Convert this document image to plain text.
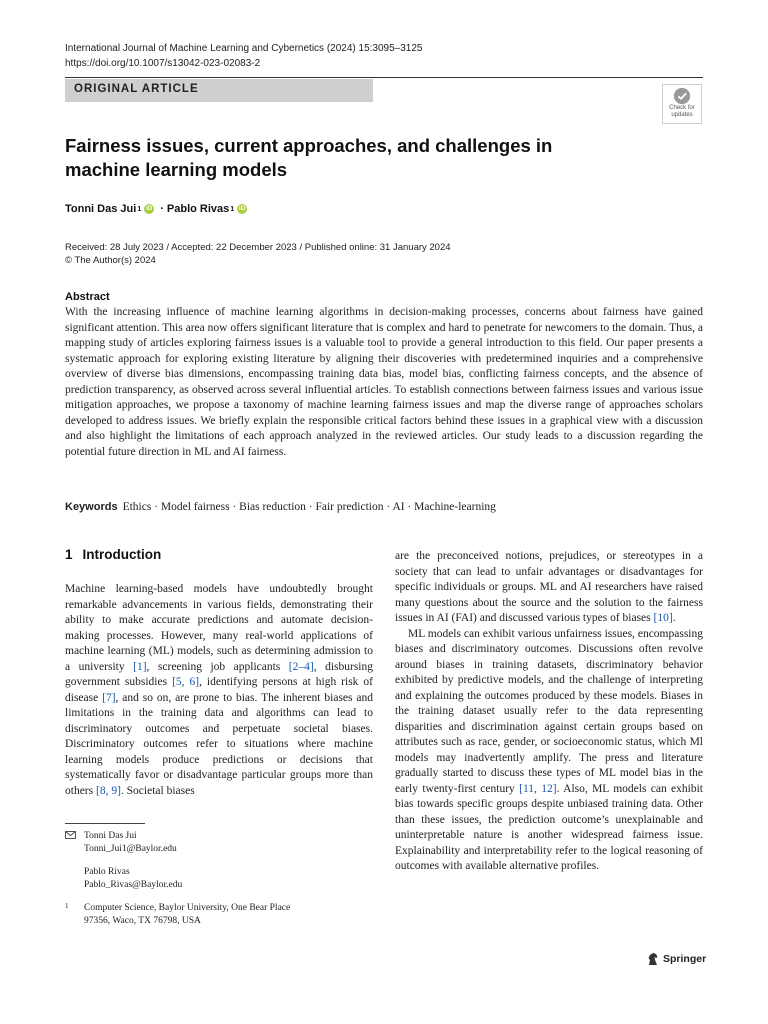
International Journal of Machine Learning and Cybernetics (2024) 15:3095–3125
https://doi.org/10.1007/s13042-023-02083-2
ORIGINAL ARTICLE
Check for
updates
Fairness issues, current approaches, and challenges in machine learning models
Tonni Das Jui 1 iD · Pablo Rivas 1 iD
Received: 28 July 2023 / Accepted: 22 December 2023 / Published online: 31 January 2024
© The Author(s) 2024
Abstract

With the increasing influence of machine learning algorithms in decision-making processes, concerns about fairness have gained significant attention. This area now offers significant literature that is complex and hard to penetrate for newcomers to the domain. Thus, a mapping study of articles exploring fairness issues is a valuable tool to provide a general introduction to this field. Our paper presents a systematic approach for exploring existing literature by aligning their discoveries with predetermined inquiries and a comprehensive overview of diverse bias dimensions, encompassing training data bias, model bias, conflicting fairness concepts, and the absence of prediction transparency, as observed across several influential articles. To establish connections between fairness issues and various issue mitigation approaches, we propose a taxonomy of machine learning fairness issues and map the diverse range of approaches scholars developed to address issues. We briefly explain the responsible critical factors behind these issues in a graphical view with a discussion and also highlight the limitations of each approach analyzed in the reviewed articles. Our study leads to a discussion regarding the potential future direction in ML and AI fairness.

Keywords Ethics · Model fairness · Bias reduction · Fair prediction · AI · Machine-learning
1 Introduction

Machine learning-based models have undoubtedly brought remarkable advancements in various fields, demonstrating their ability to make accurate predictions and automate decision-making processes. However, many real-world applications of machine learning (ML) models, such as determining admission to a university [1], screening job applicants [2–4], disbursing government subsidies [5, 6], identifying persons at high risk of disease [7], and so on, are prone to bias. The inherent biases and limitations in the training data and algorithms can lead to discriminatory outcomes and perpetuate societal biases. Discriminatory outcomes refer to situations where machine learning models produce predictions or decisions that systematically favor or disadvantage particular groups more than others [8, 9]. Societal biases

are the preconceived notions, prejudices, or stereotypes in a society that can lead to unfair advantages or disadvantages for specific individuals or groups. ML and AI researchers have raised many questions about the source and the solution to the fairness issues in AI (FAI) and discussed various types of biases [10].

ML models can exhibit various unfairness issues, encompassing biases and discriminatory outcomes. Discussions often revolve around biases in training datasets, discriminatory behavior exhibited by predictive models, and the challenge of interpreting and explaining the outcomes produced by these models. Biases in the training dataset usually refer to the data representing disparities and discrimination against certain groups based on attributes such as race, gender, or socioeconomic status, which Ml models may inadvertently amplify. The press and literature gradually started to discuss these types of ML model bias in the early twenty-first century [11, 12]. Also, ML models can exhibit bias towards specific groups despite unbiased training data. Other than these issues, the prediction outcome’s unexplainable and uninterpretable nature is another widespread fairness issue. Explainability and interpretability refer to the logical reasoning of outcomes with available alternative profiles.

Tonni Das Jui
Tonni_Jui1@Baylor.edu
Pablo Rivas
Pablo_Rivas@Baylor.edu
1	Computer Science, Baylor University, One Bear Place
97356, Waco, TX 76798, USA
Springer
